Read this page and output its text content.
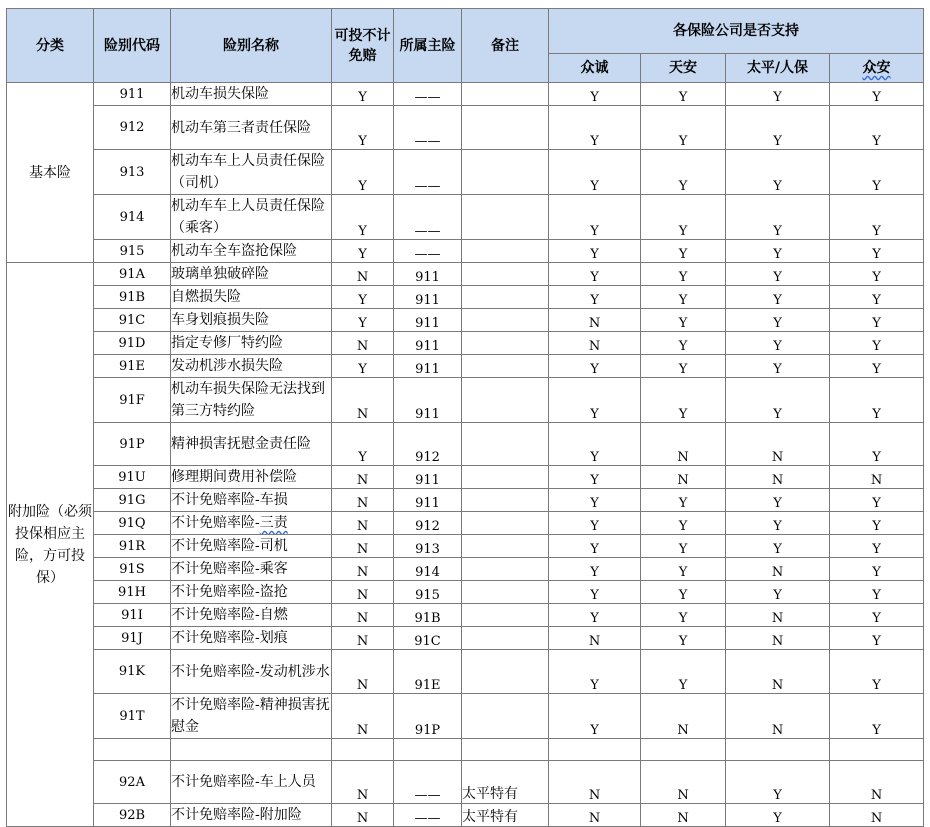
分类	险别代码	险别名称	可投不计免赔	所属主险	备注	各保险公司是否支持			
						众诚	天安	太平/人保	众安
基本险	911	机动车损失保险	Y	——		Y	Y	Y	Y
	912	机动车第三者责任保险	Y	——		Y	Y	Y	Y
	913	机动车车上人员责任保险（司机）	Y	——		Y	Y	Y	Y
	914	机动车车上人员责任保险（乘客）	Y	——		Y	Y	Y	Y
	915	机动车全车盗抢保险	Y	——		Y	Y	Y	Y
附加险（必须投保相应主险，方可投保）	91A	玻璃单独破碎险	N	911		Y	Y	Y	Y
	91B	自燃损失险	Y	911		Y	Y	Y	Y
	91C	车身划痕损失险	Y	911		N	Y	Y	Y
	91D	指定专修厂特约险	N	911		N	Y	Y	Y
	91E	发动机涉水损失险	Y	911		Y	Y	Y	Y
	91F	机动车损失保险无法找到第三方特约险	N	911		Y	Y	Y	Y
	91P	精神损害抚慰金责任险	Y	912		Y	N	N	Y
	91U	修理期间费用补偿险	N	911		Y	N	N	N
	91G	不计免赔率险-车损	N	911		Y	Y	Y	Y
	91Q	不计免赔率险-三责	N	912		Y	Y	Y	Y
	91R	不计免赔率险-司机	N	913		Y	Y	Y	Y
	91S	不计免赔率险-乘客	N	914		Y	Y	N	Y
	91H	不计免赔率险-盗抢	N	915		Y	Y	Y	Y
	91I	不计免赔率险-自燃	N	91B		Y	Y	N	Y
	91J	不计免赔率险-划痕	N	91C		N	Y	N	Y
	91K	不计免赔率险-发动机涉水	N	91E		Y	Y	N	Y
	91T	不计免赔率险-精神损害抚慰金	N	91P		Y	N	N	Y

	92A	不计免赔率险-车上人员	N	——	太平特有	N	N	Y	N
	92B	不计免赔率险-附加险	N	——	太平特有	N	N	Y	N
